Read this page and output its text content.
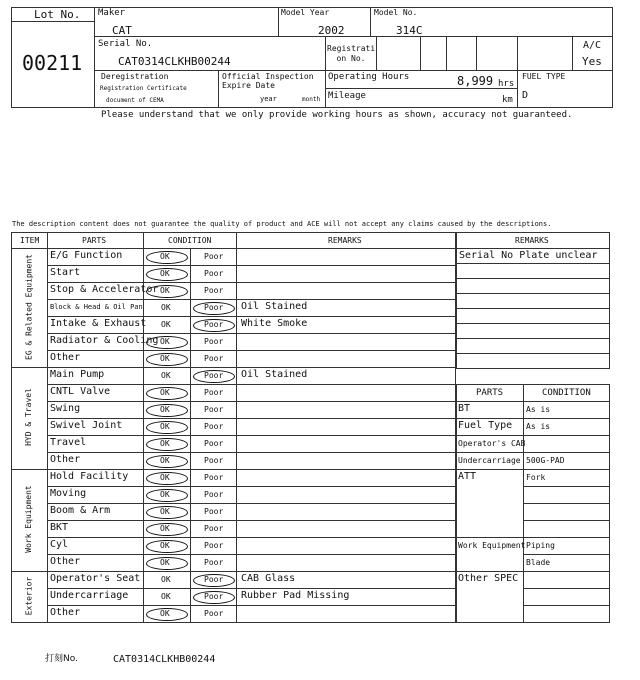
Lot No.
00211
Maker
CAT
Model Year
2002
Model No.
314C
Serial No.
CAT0314CLKHB00244
Registrati
on No.
A/C
Yes
Deregistration
Registration Certificate
document of CEMA
Official Inspection
Expire Date
year	month
Operating Hours	8,999 hrs
Mileage	km
FUEL TYPE
D
Please understand that we only provide working hours as shown, accuracy not guaranteed.
The description content does not guarantee the quality of product and ACE will not accept any claims caused by the descriptions.
ITEM	PARTS	CONDITION	REMARKS
E/G Function	OK	Poor
Start	OK	Poor
Stop & Accelerator OK	Poor
Block & Head & Oil Pan OK	Poor Oil Stained
Intake & Exhaust OK	Poor White Smoke
Radiator & Cooling OK	Poor
Other	OK	Poor
EG & Related Equipment
Main Pump	OK	Poor Oil Stained
CNTL Valve	OK	Poor
Swing	OK	Poor
Swivel Joint	OK	Poor
Travel	OK	Poor
Other	OK	Poor
HYD & Travel
Hold Facility	OK	Poor
Moving	OK	Poor
Boom & Arm	OK	Poor
BKT	OK	Poor
Cyl	OK	Poor
Other	OK	Poor
Work Equipment
Operator's Seat	OK	Poor CAB Glass
Undercarriage	OK	Poor Rubber Pad Missing
Other	OK	Poor
Exterior
REMARKS
Serial No Plate unclear
PARTS	CONDITION
BT	As is
Fuel Type As is
Operator's CAB
Undercarriage 500G-PAD
ATT	Fork
Work Equipment Piping
Blade
Other SPEC
打刻No.	CAT0314CLKHB00244
